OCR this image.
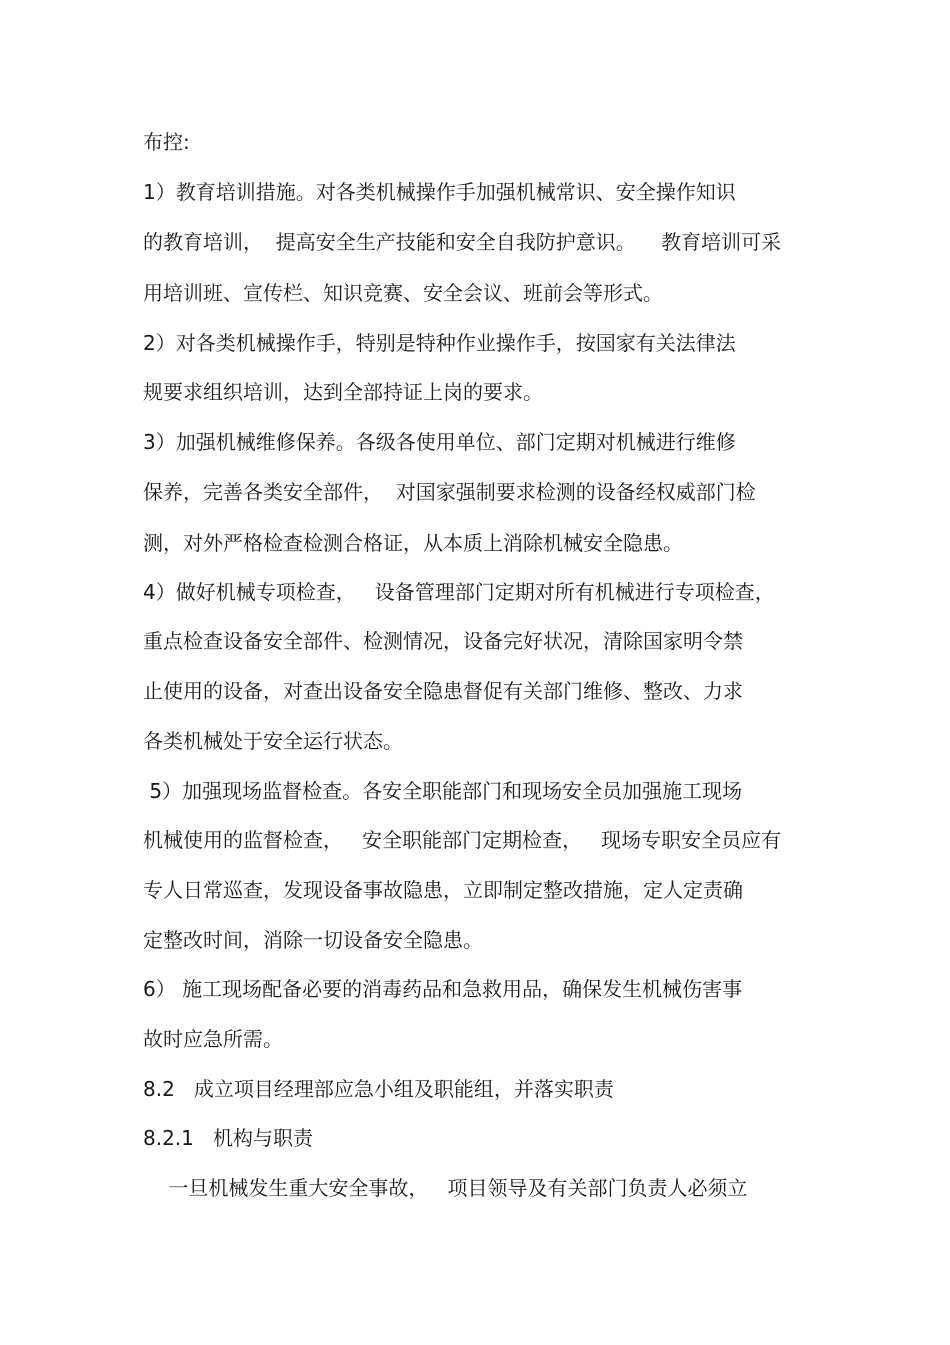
布控:
1）教育培训措施。对各类机械操作手加强机械常识、安全操作知识
的教育培训，  提高安全生产技能和安全自我防护意识。    教育培训可采
用培训班、宣传栏、知识竞赛、安全会议、班前会等形式。
2）对各类机械操作手，特别是特种作业操作手，按国家有关法律法
规要求组织培训，达到全部持证上岗的要求。
3）加强机械维修保养。各级各使用单位、部门定期对机械进行维修
保养，完善各类安全部件，  对国家强制要求检测的设备经权威部门检
测，对外严格检查检测合格证，从本质上消除机械安全隐患。
4）做好机械专项检查，   设备管理部门定期对所有机械进行专项检查，
重点检查设备安全部件、检测情况，设备完好状况，清除国家明令禁
止使用的设备，对查出设备安全隐患督促有关部门维修、整改、力求
各类机械处于安全运行状态。
5）加强现场监督检查。各安全职能部门和现场安全员加强施工现场
机械使用的监督检查，   安全职能部门定期检查，   现场专职安全员应有
专人日常巡查，发现设备事故隐患，立即制定整改措施，定人定责确
定整改时间，消除一切设备安全隐患。
6） 施工现场配备必要的消毒药品和急救用品，确保发生机械伤害事
故时应急所需。
8.2   成立项目经理部应急小组及职能组，并落实职责
8.2.1   机构与职责
一旦机械发生重大安全事故，   项目领导及有关部门负责人必须立
